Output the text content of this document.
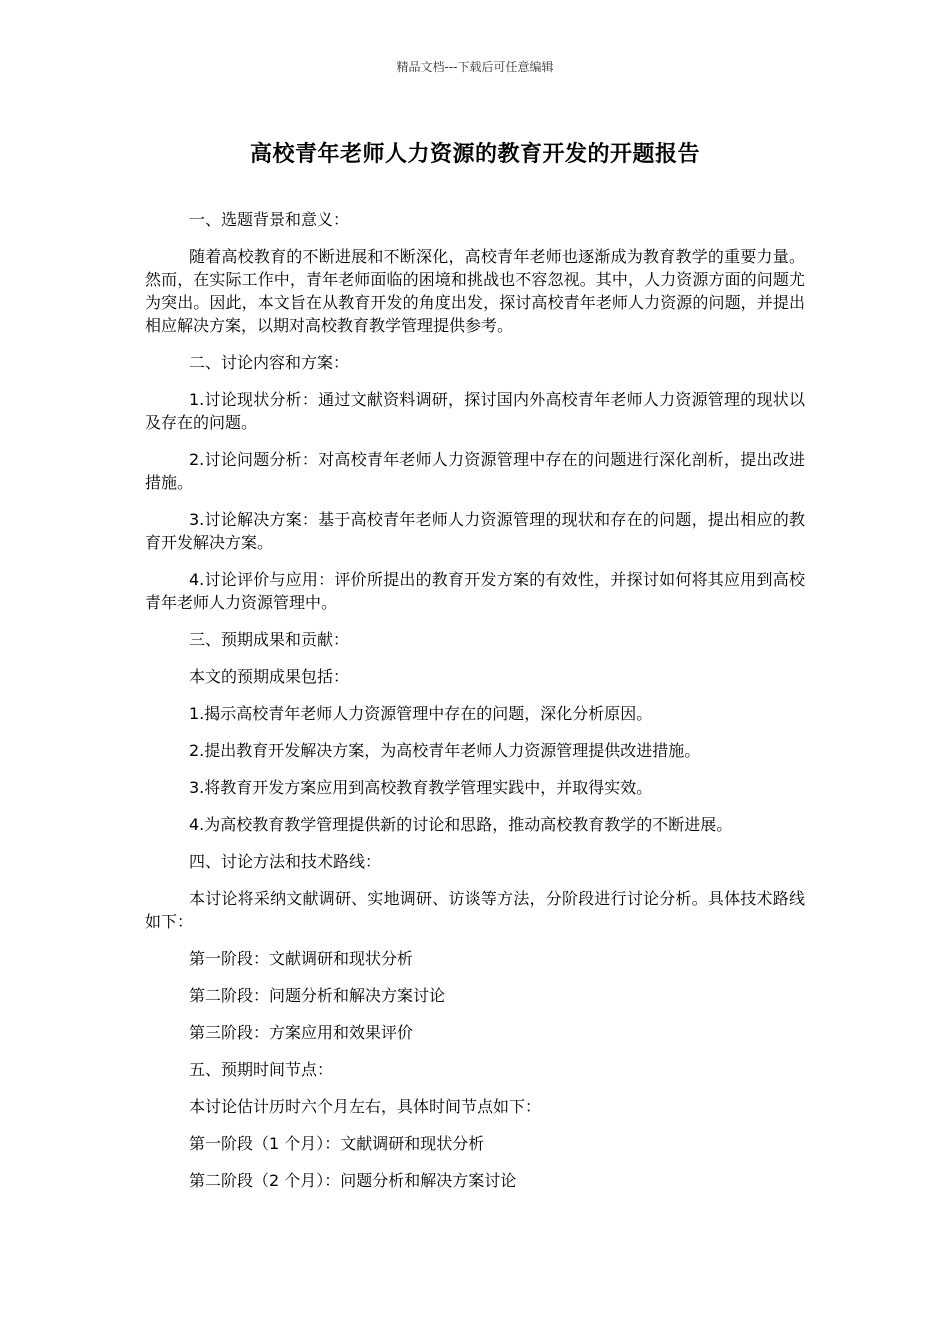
精品文档---下载后可任意编辑
高校青年老师人力资源的教育开发的开题报告

一、选题背景和意义：

随着高校教育的不断进展和不断深化，高校青年老师也逐渐成为教育教学的重要力量。然而，在实际工作中，青年老师面临的困境和挑战也不容忽视。其中，人力资源方面的问题尤为突出。因此，本文旨在从教育开发的角度出发，探讨高校青年老师人力资源的问题，并提出相应解决方案，以期对高校教育教学管理提供参考。

二、讨论内容和方案：

1.讨论现状分析：通过文献资料调研，探讨国内外高校青年老师人力资源管理的现状以及存在的问题。

2.讨论问题分析：对高校青年老师人力资源管理中存在的问题进行深化剖析，提出改进措施。

3.讨论解决方案：基于高校青年老师人力资源管理的现状和存在的问题，提出相应的教育开发解决方案。

4.讨论评价与应用：评价所提出的教育开发方案的有效性，并探讨如何将其应用到高校青年老师人力资源管理中。

三、预期成果和贡献：

本文的预期成果包括：

1.揭示高校青年老师人力资源管理中存在的问题，深化分析原因。

2.提出教育开发解决方案，为高校青年老师人力资源管理提供改进措施。

3.将教育开发方案应用到高校教育教学管理实践中，并取得实效。

4.为高校教育教学管理提供新的讨论和思路，推动高校教育教学的不断进展。

四、讨论方法和技术路线：

本讨论将采纳文献调研、实地调研、访谈等方法，分阶段进行讨论分析。具体技术路线如下：

第一阶段：文献调研和现状分析

第二阶段：问题分析和解决方案讨论

第三阶段：方案应用和效果评价

五、预期时间节点：

本讨论估计历时六个月左右，具体时间节点如下：

第一阶段（1 个月）：文献调研和现状分析

第二阶段（2 个月）：问题分析和解决方案讨论
